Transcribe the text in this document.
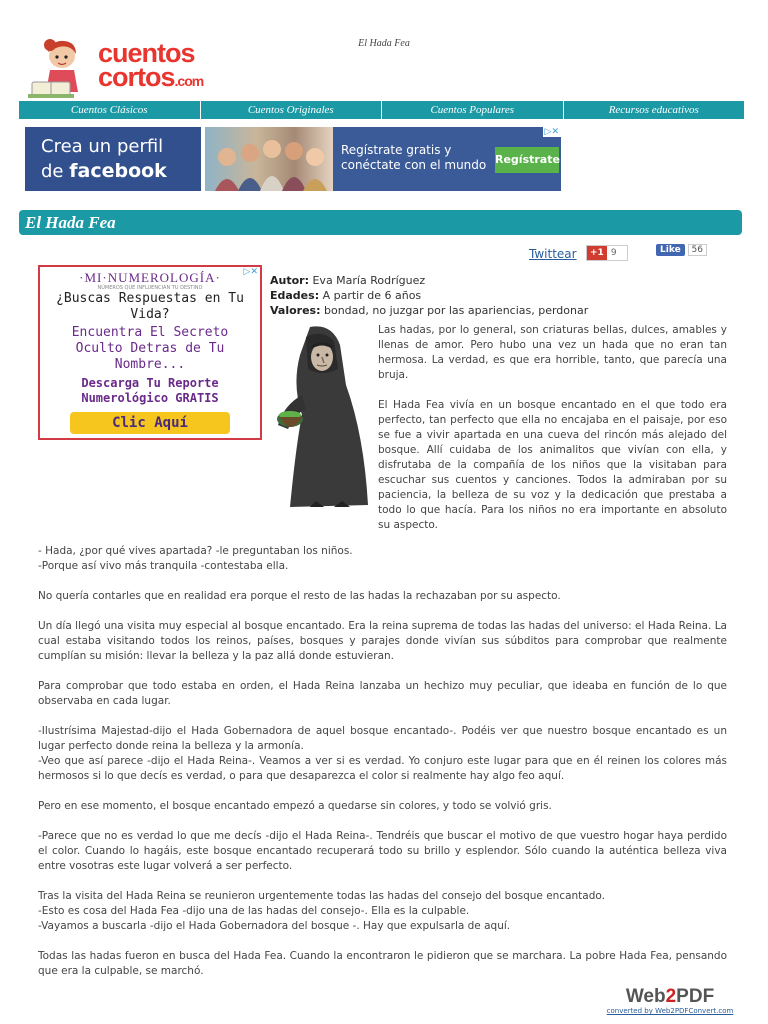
El Hada Fea
cuentos
cortos.com
Cuentos Clásicos	Cuentos Originales	Cuentos Populares	Recursos educativos
Crea un perfil
de facebook
Regístrate gratis y
conéctate con el mundo Regístrate
▷✕
El Hada Fea
Twittear	+1 9	Like 56
·MI·NUMEROLOGÍA·
NÚMEROS QUE INFLUENCIAN TU DESTINO
¿Buscas Respuestas en Tu
Vida?
Encuentra El Secreto
Oculto Detras de Tu
Nombre...
Descarga Tu Reporte
Numerológico GRATIS
Clic Aquí
▷✕
Autor: Eva María Rodríguez
Edades: A partir de 6 años
Valores: bondad, no juzgar por las apariencias, perdonar

Las hadas, por lo general, son criaturas bellas, dulces, amables y llenas de amor. Pero hubo una vez un hada que no eran tan hermosa. La verdad, es que era horrible, tanto, que parecía una bruja.

El Hada Fea vivía en un bosque encantado en el que todo era perfecto, tan perfecto que ella no encajaba en el paisaje, por eso se fue a vivir apartada en una cueva del rincón más alejado del bosque. Allí cuidaba de los animalitos que vivían con ella, y disfrutaba de la compañía de los niños que la visitaban para escuchar sus cuentos y canciones. Todos la admiraban por su paciencia, la belleza de su voz y la dedicación que prestaba a todo lo que hacía. Para los niños no era importante en absoluto su aspecto.

- Hada, ¿por qué vives apartada? -le preguntaban los niños.
-Porque así vivo más tranquila -contestaba ella.

No quería contarles que en realidad era porque el resto de las hadas la rechazaban por su aspecto.

Un día llegó una visita muy especial al bosque encantado. Era la reina suprema de todas las hadas del universo: el Hada Reina. La cual estaba visitando todos los reinos, países, bosques y parajes donde vivían sus súbditos para comprobar que realmente cumplían su misión: llevar la belleza y la paz allá donde estuvieran.

Para comprobar que todo estaba en orden, el Hada Reina lanzaba un hechizo muy peculiar, que ideaba en función de lo que observaba en cada lugar.

-Ilustrísima Majestad-dijo el Hada Gobernadora de aquel bosque encantado-. Podéis ver que nuestro bosque encantado es un lugar perfecto donde reina la belleza y la armonía.
-Veo que así parece -dijo el Hada Reina-. Veamos a ver si es verdad. Yo conjuro este lugar para que en él reinen los colores más hermosos si lo que decís es verdad, o para que desaparezca el color si realmente hay algo feo aquí.

Pero en ese momento, el bosque encantado empezó a quedarse sin colores, y todo se volvió gris.

-Parece que no es verdad lo que me decís -dijo el Hada Reina-. Tendréis que buscar el motivo de que vuestro hogar haya perdido el color. Cuando lo hagáis, este bosque encantado recuperará todo su brillo y esplendor. Sólo cuando la auténtica belleza viva entre vosotras este lugar volverá a ser perfecto.

Tras la visita del Hada Reina se reunieron urgentemente todas las hadas del consejo del bosque encantado.
-Esto es cosa del Hada Fea -dijo una de las hadas del consejo-. Ella es la culpable.
-Vayamos a buscarla -dijo el Hada Gobernadora del bosque -. Hay que expulsarla de aquí.

Todas las hadas fueron en busca del Hada Fea. Cuando la encontraron le pidieron que se marchara. La pobre Hada Fea, pensando que era la culpable, se marchó.

Web2PDF
converted by Web2PDFConvert.com
